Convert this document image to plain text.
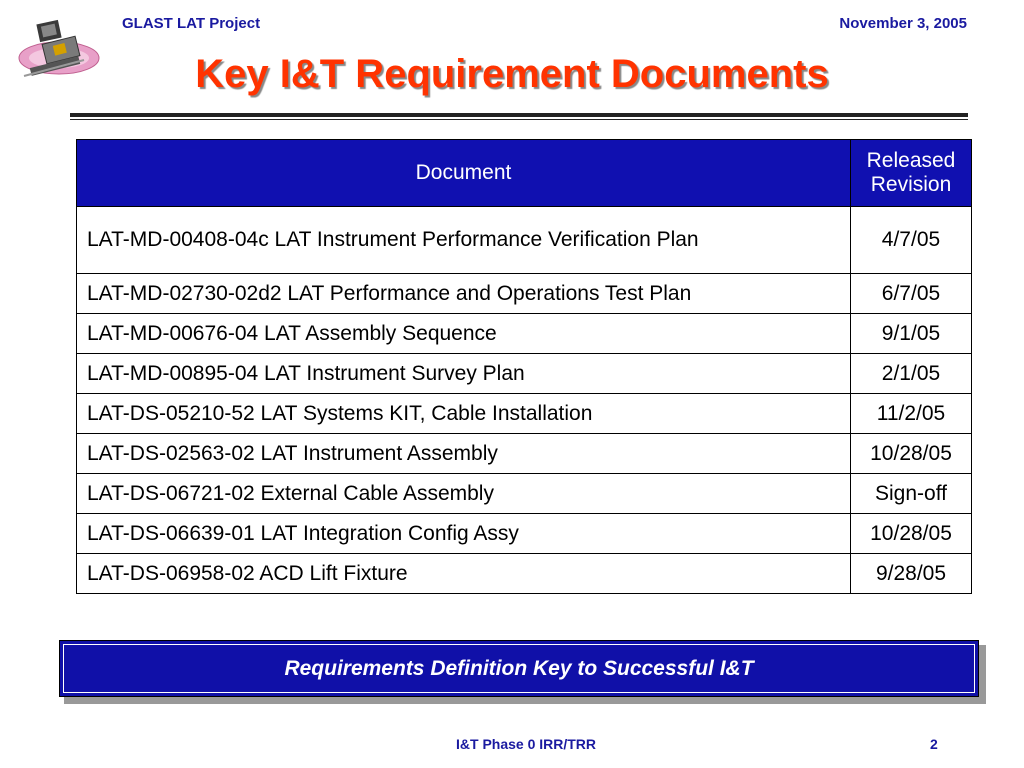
GLAST LAT Project	November 3, 2005
Key I&T Requirement Documents
Document	Released Revision
LAT-MD-00408-04c LAT Instrument Performance Verification Plan	4/7/05
LAT-MD-02730-02d2 LAT Performance and Operations Test Plan	6/7/05
LAT-MD-00676-04 LAT Assembly Sequence	9/1/05
LAT-MD-00895-04 LAT Instrument Survey Plan	2/1/05
LAT-DS-05210-52 LAT Systems KIT, Cable Installation	11/2/05
LAT-DS-02563-02 LAT Instrument Assembly	10/28/05
LAT-DS-06721-02 External Cable Assembly	Sign-off
LAT-DS-06639-01 LAT Integration Config Assy	10/28/05
LAT-DS-06958-02 ACD Lift Fixture	9/28/05
Requirements Definition Key to Successful I&T
I&T Phase 0 IRR/TRR	2
